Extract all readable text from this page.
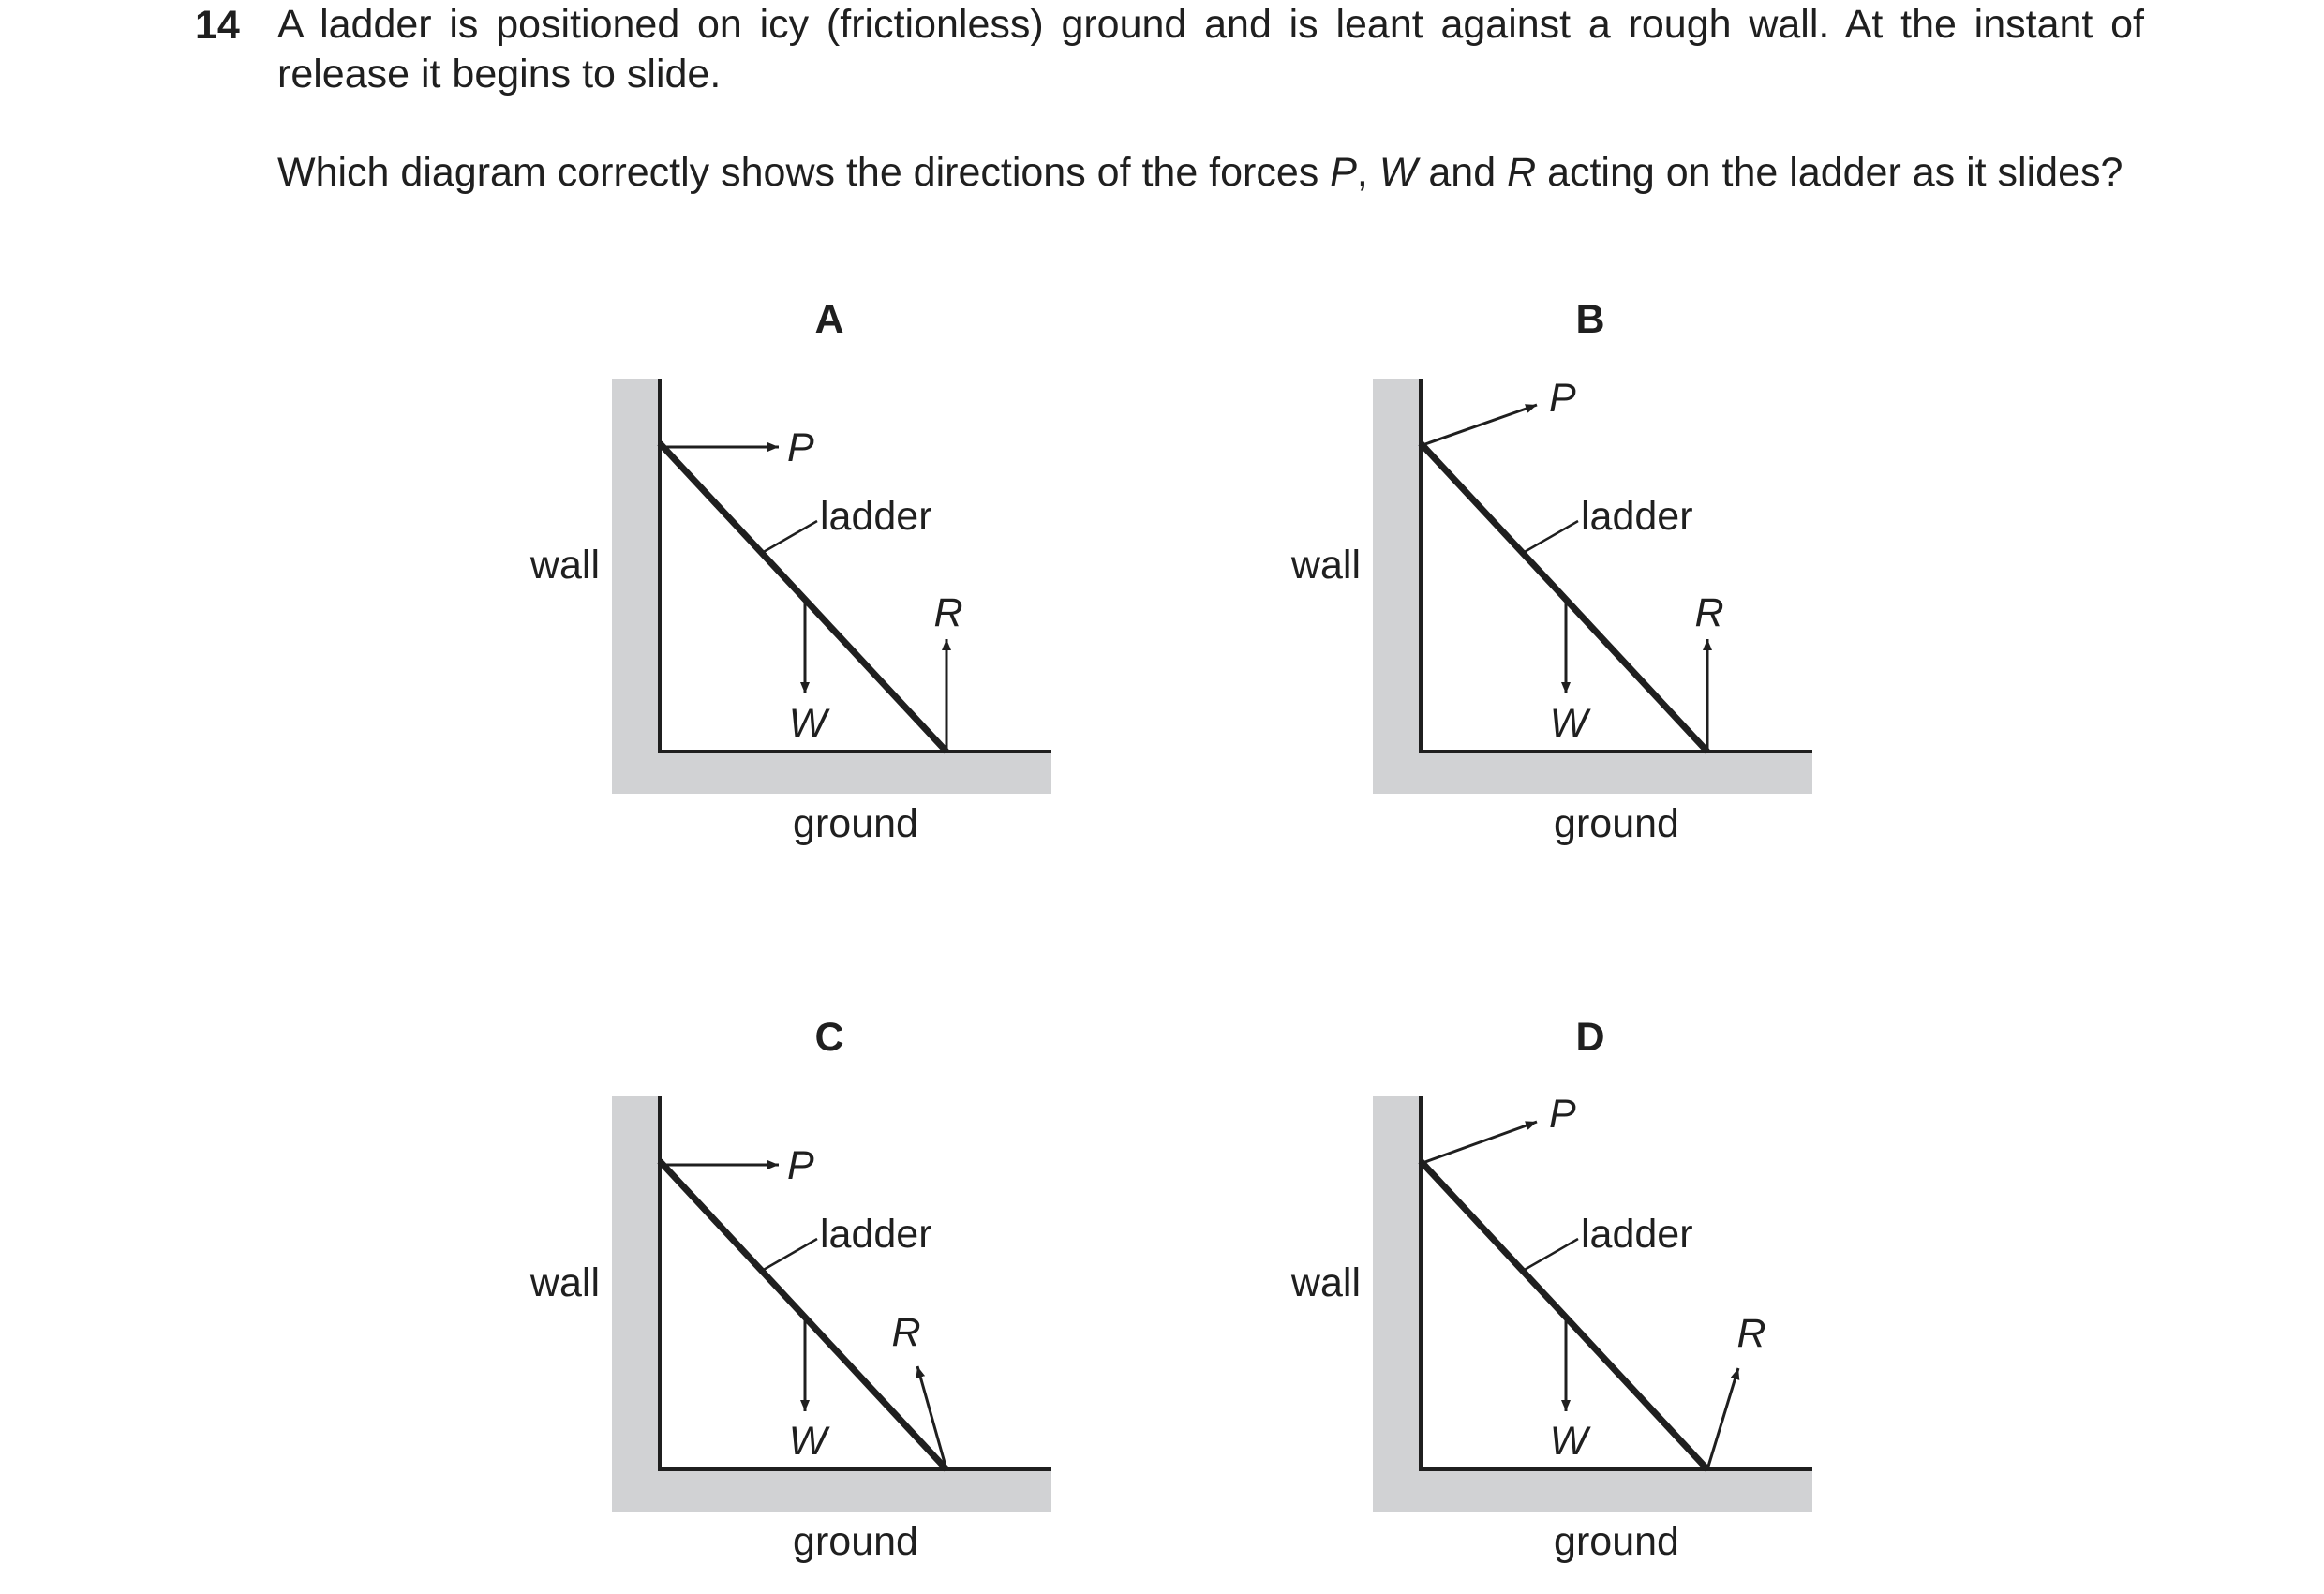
14 A ladder is positioned on icy (frictionless) ground and is leant against a rough wall. At the instant of release it begins to slide.

Which diagram correctly shows the directions of the forces P, W and R acting on the ladder as it slides?

A
ladder
wall
ground
P
W
R
B
ladder
wall
ground
P
W
R
C
ladder
wall
ground
P
W
R
D
ladder
wall
ground
P
W
R
